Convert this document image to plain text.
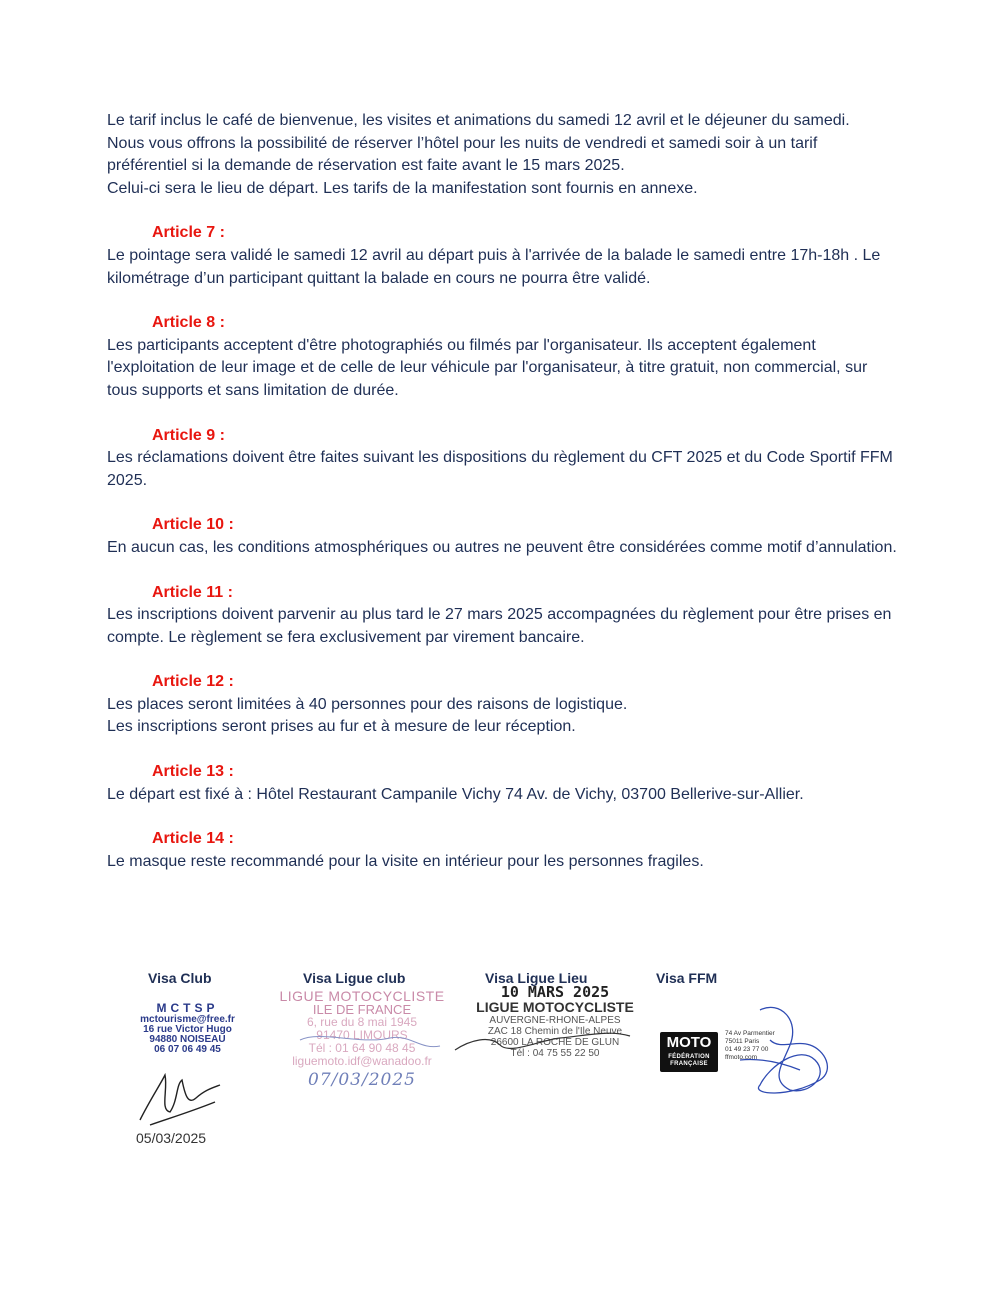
Le tarif inclus le café de bienvenue, les visites et animations du samedi 12 avril et le déjeuner du samedi.

Nous vous offrons la possibilité de réserver l’hôtel pour les nuits de vendredi et samedi soir à un tarif préférentiel si la demande de réservation est faite avant le 15 mars 2025.

Celui-ci sera le lieu de départ. Les tarifs de la manifestation sont fournis en annexe.

Article 7 :

Le pointage sera validé le samedi 12 avril au départ puis à l'arrivée de la balade le samedi entre 17h-18h . Le kilométrage d’un participant quittant la balade en cours ne pourra être validé.

Article 8 :

Les participants acceptent d'être photographiés ou filmés par l'organisateur. Ils acceptent également l'exploitation de leur image et de celle de leur véhicule par l'organisateur, à titre gratuit, non commercial, sur tous supports et sans limitation de durée.

Article 9 :

Les réclamations doivent être faites suivant les dispositions du règlement du CFT 2025 et du Code Sportif FFM 2025.

Article 10 :

En aucun cas, les conditions atmosphériques ou autres ne peuvent être considérées comme motif d’annulation.

Article 11 :

Les inscriptions doivent parvenir au plus tard le 27 mars 2025 accompagnées du règlement pour être prises en compte. Le règlement se fera exclusivement par virement bancaire.

Article 12 :

Les places seront limitées à 40 personnes pour des raisons de logistique.

Les inscriptions seront prises au fur et à mesure de leur réception.

Article 13 :

Le départ est fixé à : Hôtel Restaurant Campanile Vichy 74 Av. de Vichy, 03700 Bellerive-sur-Allier.

Article 14 :

Le masque reste recommandé pour la visite en intérieur pour les personnes fragiles.

Visa Club	Visa Ligue club	Visa Ligue Lieu	Visa FFM
MCTSP
mctourisme@free.fr
16 rue Victor Hugo
94880 NOISEAU
06 07 06 49 45
LIGUE MOTOCYCLISTE
ILE DE FRANCE
6, rue du 8 mai 1945
91470 LIMOURS
Tél : 01 64 90 48 45
liguemoto.idf@wanadoo.fr
07/03/2025
10 MARS 2025
LIGUE MOTOCYCLISTE
AUVERGNE-RHONE-ALPES
ZAC 18 Chemin de l'Ile Neuve
26600 LA ROCHE DE GLUN
Tél : 04 75 55 22 50
MOTO
FÉDÉRATION FRANÇAISE
74 Av Parmentier
75011 Paris
01 49 23 77 00
ffmoto.com
05/03/2025
